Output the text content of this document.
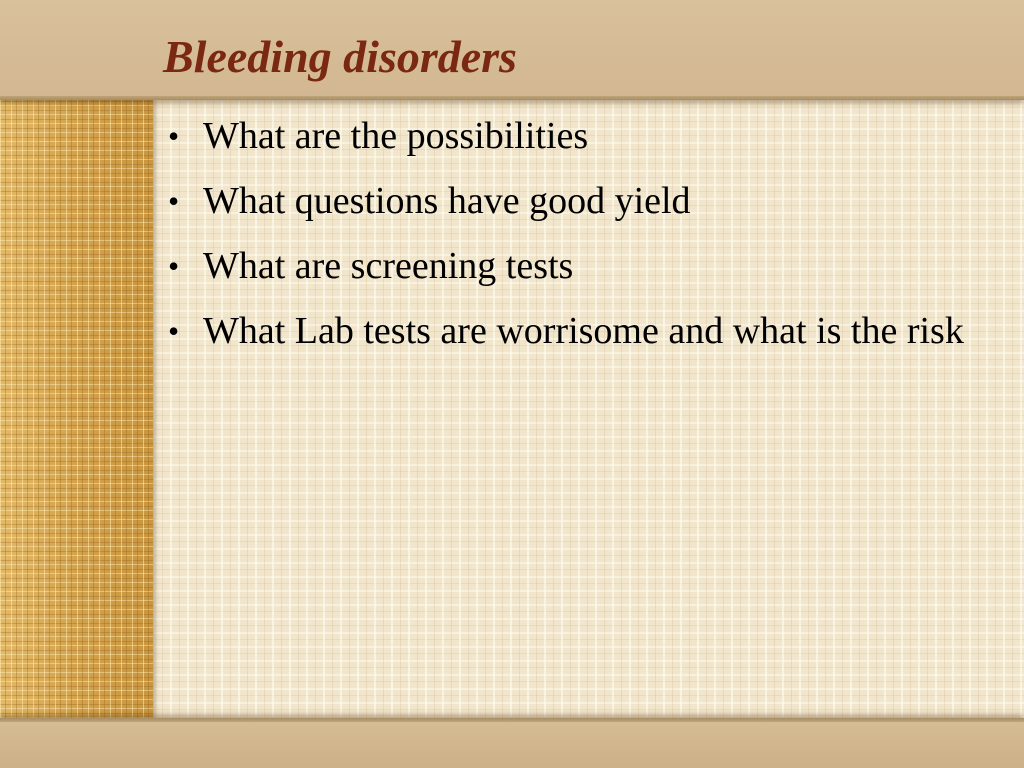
Bleeding disorders
• What are the possibilities
• What questions have good yield
• What are screening tests
• What Lab tests are worrisome and what is the risk
